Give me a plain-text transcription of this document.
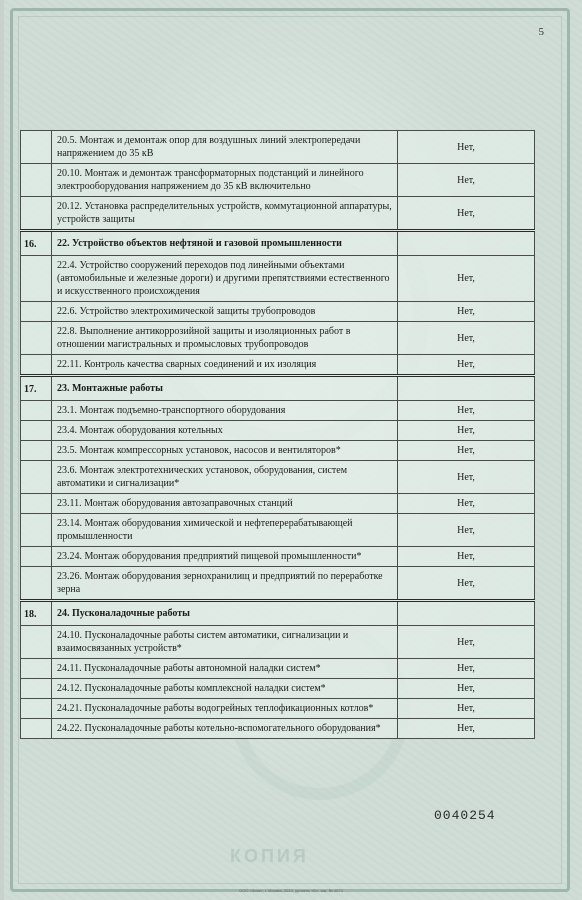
5
	20.5. Монтаж и демонтаж опор для воздушных линий электропередачи напряжением до 35 кВ	Нет,
	20.10. Монтаж и демонтаж трансформаторных подстанций и линейного электрооборудования напряжением до 35 кВ включительно	Нет,
	20.12. Установка распределительных устройств, коммутационной аппаратуры, устройств защиты	Нет,
16.	22. Устройство объектов нефтяной и газовой промышленности	
	22.4. Устройство сооружений переходов под линейными объектами (автомобильные и железные дороги) и другими препятствиями естественного и искусственного происхождения	Нет,
	22.6. Устройство электрохимической защиты трубопроводов	Нет,
	22.8. Выполнение антикоррозийной защиты и изоляционных работ в отношении магистральных и промысловых трубопроводов	Нет,
	22.11. Контроль качества сварных соединений и их изоляция	Нет,
17.	23. Монтажные работы	
	23.1. Монтаж подъемно-транспортного оборудования	Нет,
	23.4. Монтаж оборудования котельных	Нет,
	23.5. Монтаж компрессорных установок, насосов и вентиляторов*	Нет,
	23.6. Монтаж электротехнических установок, оборудования, систем автоматики и сигнализации*	Нет,
	23.11. Монтаж оборудования автозаправочных станций	Нет,
	23.14. Монтаж оборудования химической и нефтеперерабатывающей промышленности	Нет,
	23.24. Монтаж оборудования предприятий пищевой промышленности*	Нет,
	23.26. Монтаж оборудования зернохранилищ и предприятий по переработке зерна	Нет,
18.	24. Пусконаладочные работы	
	24.10. Пусконаладочные работы систем автоматики, сигнализации и взаимосвязанных устройств*	Нет,
	24.11. Пусконаладочные работы автономной наладки систем*	Нет,
	24.12. Пусконаладочные работы комплексной наладки систем*	Нет,
	24.21. Пусконаладочные работы водогрейных теплофикационных котлов*	Нет,
	24.22. Пусконаладочные работы котельно-вспомогательного оборудования*	Нет,
0040254
КОПИЯ
ООО «Знак», г. Москва, 2010, уровень «Б», зак. № 4074
